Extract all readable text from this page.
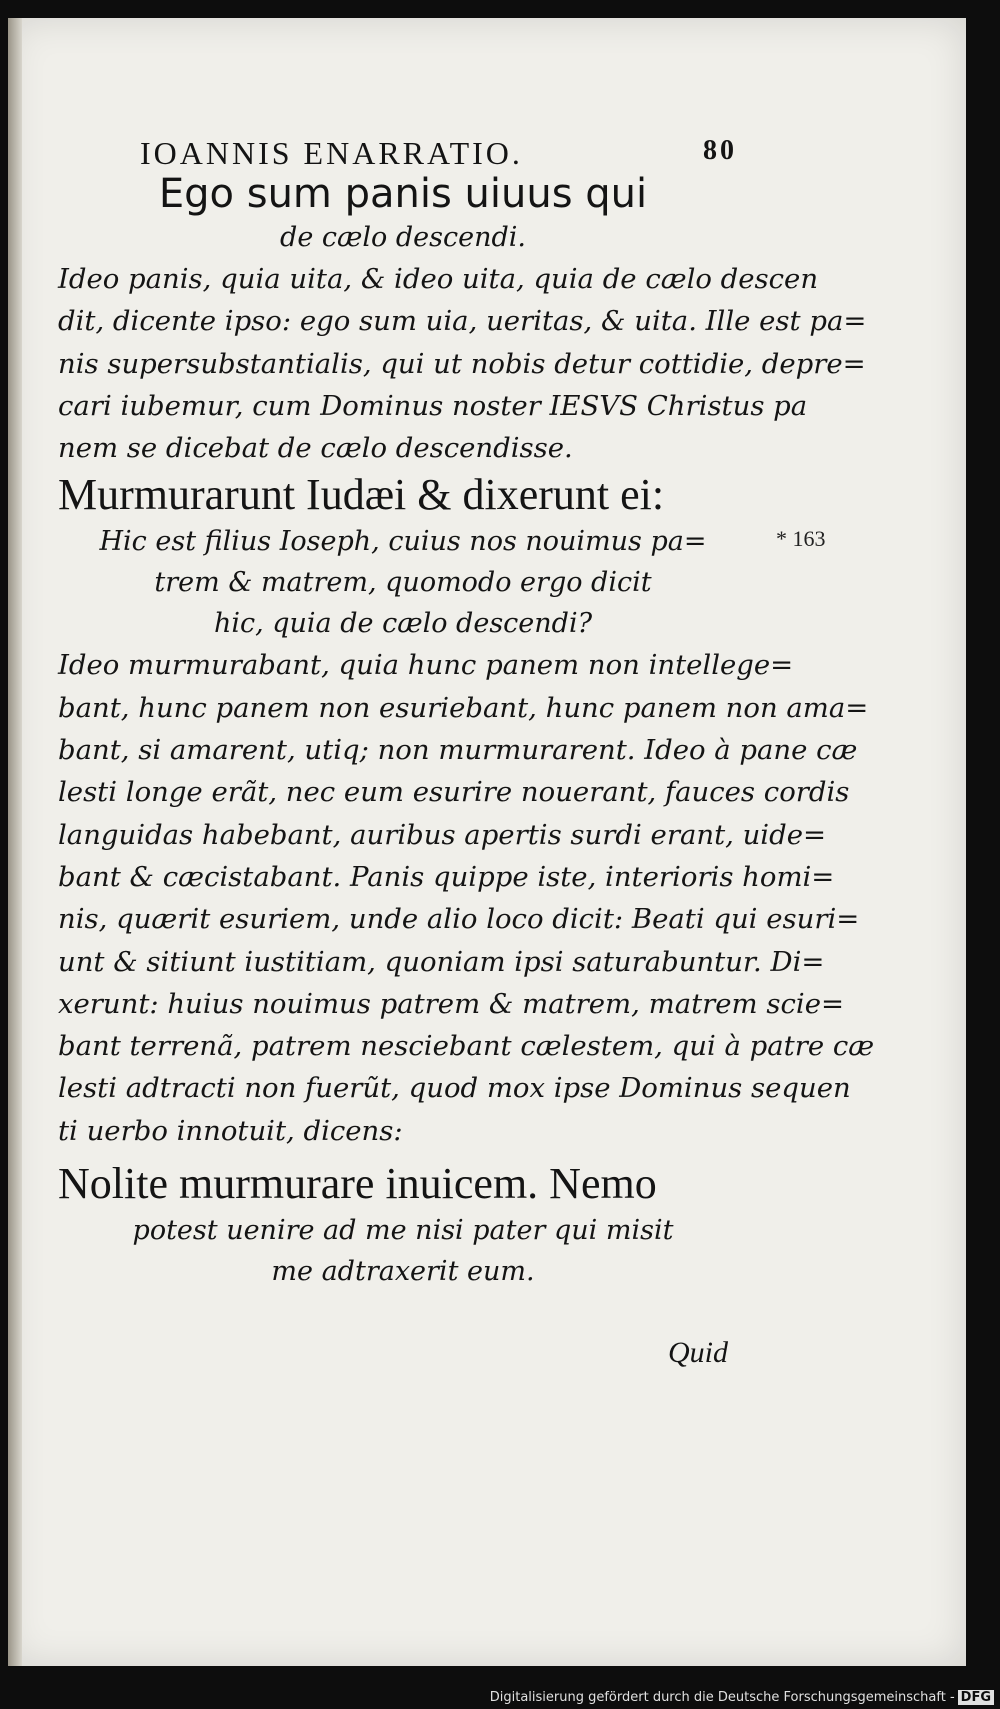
IOANNIS ENARRATIO.	80
Ego sum panis uiuus qui
de cælo descendi.

Ideo panis, quia uita, & ideo uita, quia de cælo descen
dit, dicente ipso: ego sum uia, ueritas, & uita. Ille est pa=
nis supersubstantialis, qui ut nobis detur cottidie, depre=
cari iubemur, cum Dominus noster IESVS Christus pa
nem se dicebat de cælo descendisse.

Murmurarunt Iudæi & dixerunt ei:
Hic est filius Ioseph, cuius nos nouimus pa=
trem & matrem, quomodo ergo dicit
hic, quia de cælo descendi?

Ideo murmurabant, quia hunc panem non intellege=
bant, hunc panem non esuriebant, hunc panem non ama=
bant, si amarent, utiq; non murmurarent. Ideo à pane cæ
lesti longe erãt, nec eum esurire nouerant, fauces cordis
languidas habebant, auribus apertis surdi erant, uide=
bant & cæcistabant. Panis quippe iste, interioris homi=
nis, quærit esuriem, unde alio loco dicit: Beati qui esuri=
unt & sitiunt iustitiam, quoniam ipsi saturabuntur. Di=
xerunt: huius nouimus patrem & matrem, matrem scie=
bant terrenã, patrem nesciebant cælestem, qui à patre cæ
lesti adtracti non fuerũt, quod mox ipse Dominus sequen
ti uerbo innotuit, dicens:

Nolite murmurare inuicem. Nemo
potest uenire ad me nisi pater qui misit
me adtraxerit eum.
* 163
Quid
Digitalisierung gefördert durch die Deutsche Forschungsgemeinschaft - DFG
